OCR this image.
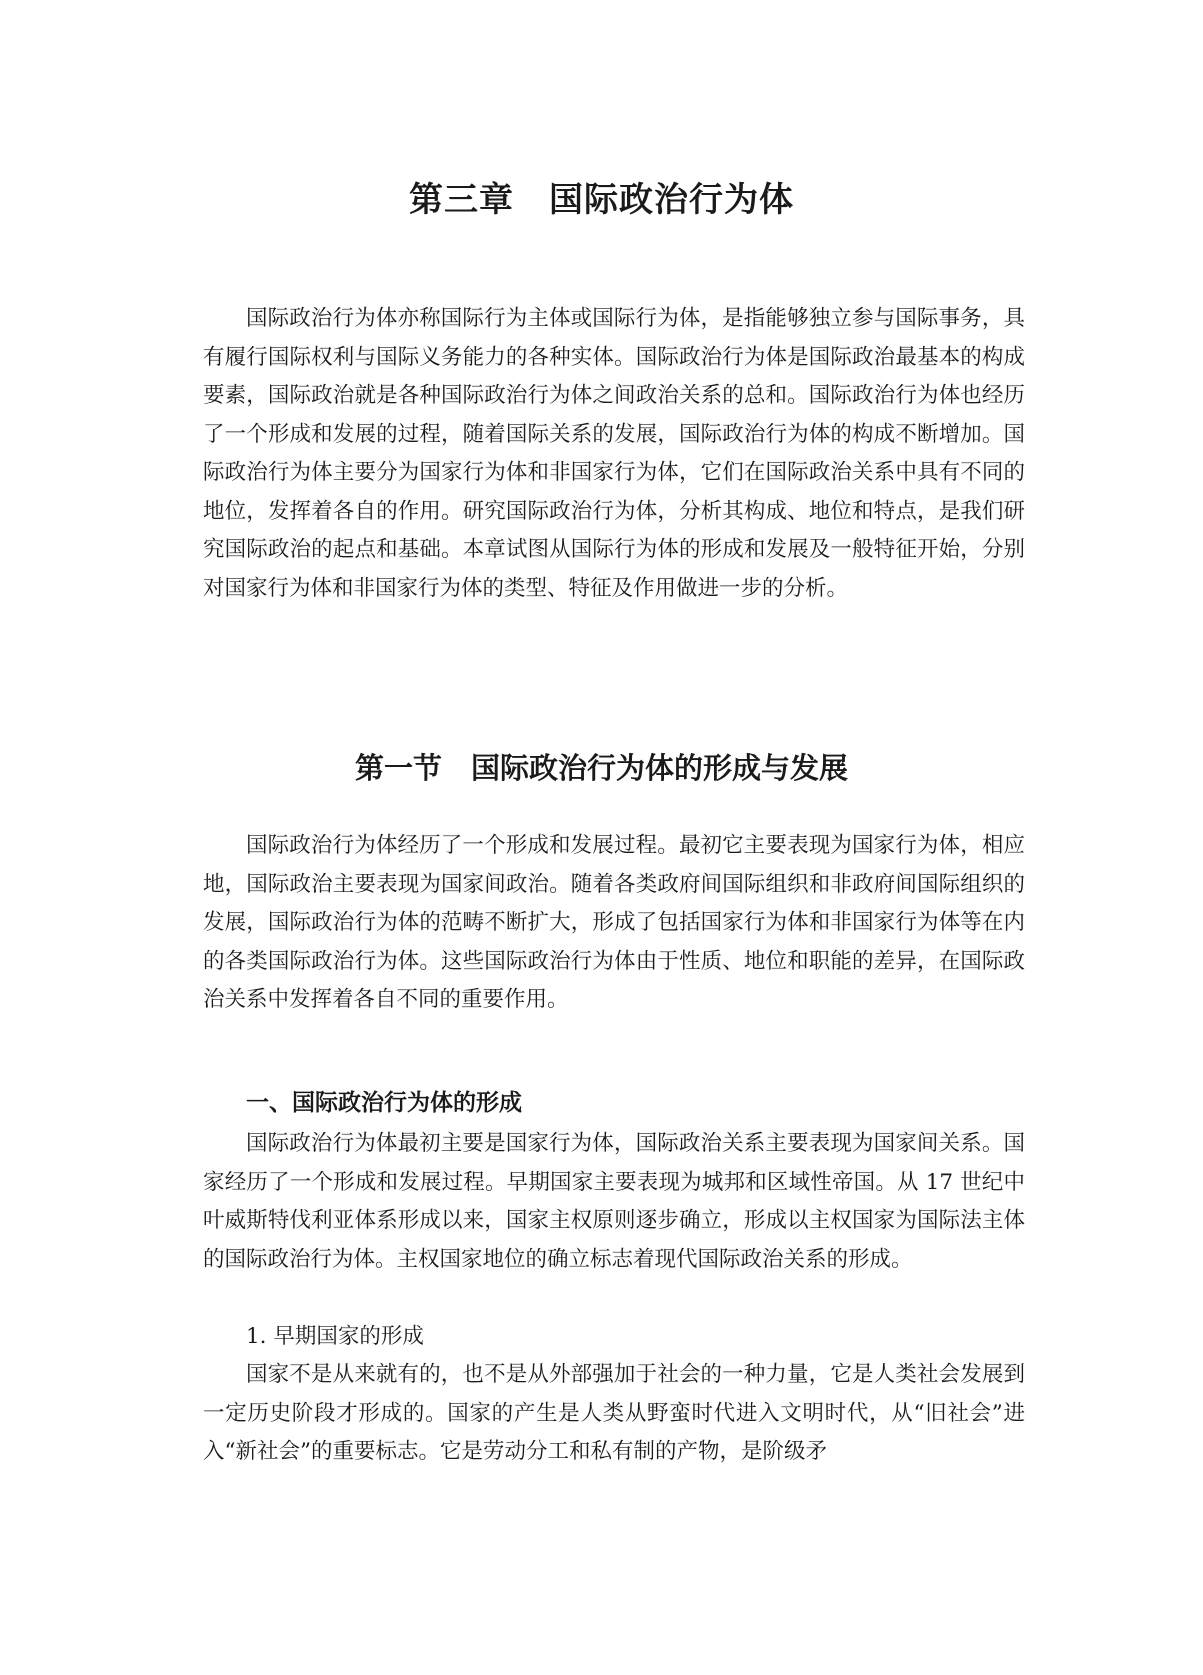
第三章　国际政治行为体

国际政治行为体亦称国际行为主体或国际行为体，是指能够独立参与国际事务，具有履行国际权利与国际义务能力的各种实体。国际政治行为体是国际政治最基本的构成要素，国际政治就是各种国际政治行为体之间政治关系的总和。国际政治行为体也经历了一个形成和发展的过程，随着国际关系的发展，国际政治行为体的构成不断增加。国际政治行为体主要分为国家行为体和非国家行为体，它们在国际政治关系中具有不同的地位，发挥着各自的作用。研究国际政治行为体，分析其构成、地位和特点，是我们研究国际政治的起点和基础。本章试图从国际行为体的形成和发展及一般特征开始，分别对国家行为体和非国家行为体的类型、特征及作用做进一步的分析。

第一节　国际政治行为体的形成与发展

国际政治行为体经历了一个形成和发展过程。最初它主要表现为国家行为体，相应地，国际政治主要表现为国家间政治。随着各类政府间国际组织和非政府间国际组织的发展，国际政治行为体的范畴不断扩大，形成了包括国家行为体和非国家行为体等在内的各类国际政治行为体。这些国际政治行为体由于性质、地位和职能的差异，在国际政治关系中发挥着各自不同的重要作用。

一、国际政治行为体的形成

国际政治行为体最初主要是国家行为体，国际政治关系主要表现为国家间关系。国家经历了一个形成和发展过程。早期国家主要表现为城邦和区域性帝国。从 17 世纪中叶威斯特伐利亚体系形成以来，国家主权原则逐步确立，形成以主权国家为国际法主体的国际政治行为体。主权国家地位的确立标志着现代国际政治关系的形成。

1. 早期国家的形成

国家不是从来就有的，也不是从外部强加于社会的一种力量，它是人类社会发展到一定历史阶段才形成的。国家的产生是人类从野蛮时代进入文明时代，从“旧社会”进入“新社会”的重要标志。它是劳动分工和私有制的产物，是阶级矛
